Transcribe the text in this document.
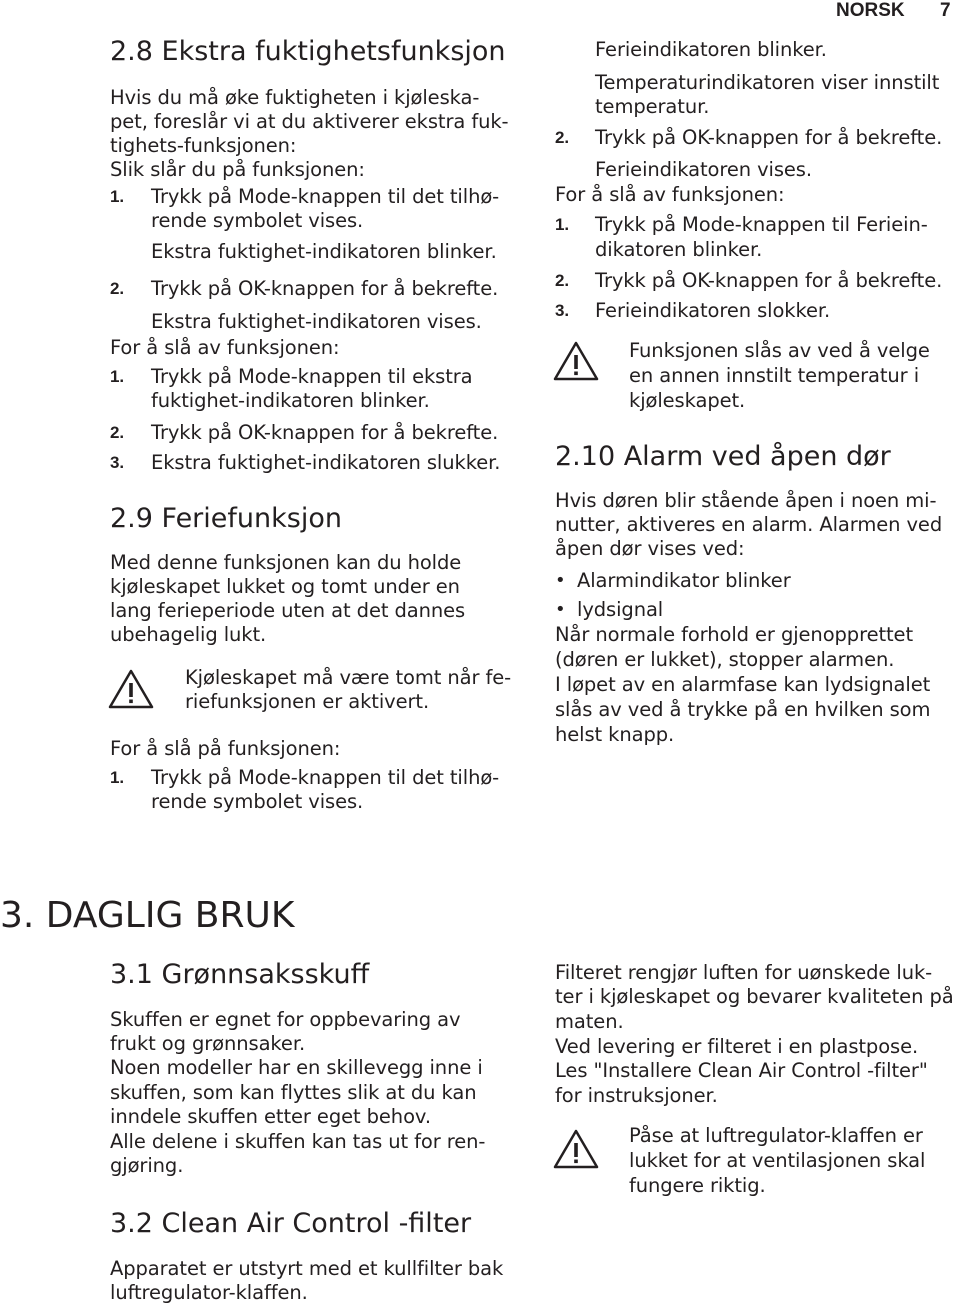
NORSK 7
2.8 Ekstra fuktighetsfunksjon
Hvis du må øke fuktigheten i kjøleska-
pet, foreslår vi at du aktiverer ekstra fuk-
tighets-funksjonen:
Slik slår du på funksjonen:
1. Trykk på Mode-knappen til det tilhø-
rende symbolet vises.
Ekstra fuktighet-indikatoren blinker.
2. Trykk på OK-knappen for å bekrefte.
Ekstra fuktighet-indikatoren vises.
For å slå av funksjonen:
1. Trykk på Mode-knappen til ekstra
fuktighet-indikatoren blinker.
2. Trykk på OK-knappen for å bekrefte.
3. Ekstra fuktighet-indikatoren slukker.
2.9 Feriefunksjon
Med denne funksjonen kan du holde
kjøleskapet lukket og tomt under en
lang ferieperiode uten at det dannes
ubehagelig lukt.
Kjøleskapet må være tomt når fe-
riefunksjonen er aktivert.
For å slå på funksjonen:
1. Trykk på Mode-knappen til det tilhø-
rende symbolet vises.
Ferieindikatoren blinker.
Temperaturindikatoren viser innstilt
temperatur.
2. Trykk på OK-knappen for å bekrefte.
Ferieindikatoren vises.
For å slå av funksjonen:
1. Trykk på Mode-knappen til Feriein-
dikatoren blinker.
2. Trykk på OK-knappen for å bekrefte.
3. Ferieindikatoren slokker.
Funksjonen slås av ved å velge
en annen innstilt temperatur i
kjøleskapet.
2.10 Alarm ved åpen dør
Hvis døren blir stående åpen i noen mi-
nutter, aktiveres en alarm. Alarmen ved
åpen dør vises ved:
• Alarmindikator blinker
• lydsignal
Når normale forhold er gjenopprettet
(døren er lukket), stopper alarmen.
I løpet av en alarmfase kan lydsignalet
slås av ved å trykke på en hvilken som
helst knapp.
3. DAGLIG BRUK
3.1 Grønnsaksskuff
Skuffen er egnet for oppbevaring av
frukt og grønnsaker.
Noen modeller har en skillevegg inne i
skuffen, som kan flyttes slik at du kan
inndele skuffen etter eget behov.
Alle delene i skuffen kan tas ut for ren-
gjøring.
3.2 Clean Air Control -filter
Apparatet er utstyrt med et kullfilter bak
luftregulator-klaffen.
Filteret rengjør luften for uønskede luk-
ter i kjøleskapet og bevarer kvaliteten på
maten.
Ved levering er filteret i en plastpose.
Les "Installere Clean Air Control -filter"
for instruksjoner.
Påse at luftregulator-klaffen er
lukket for at ventilasjonen skal
fungere riktig.
